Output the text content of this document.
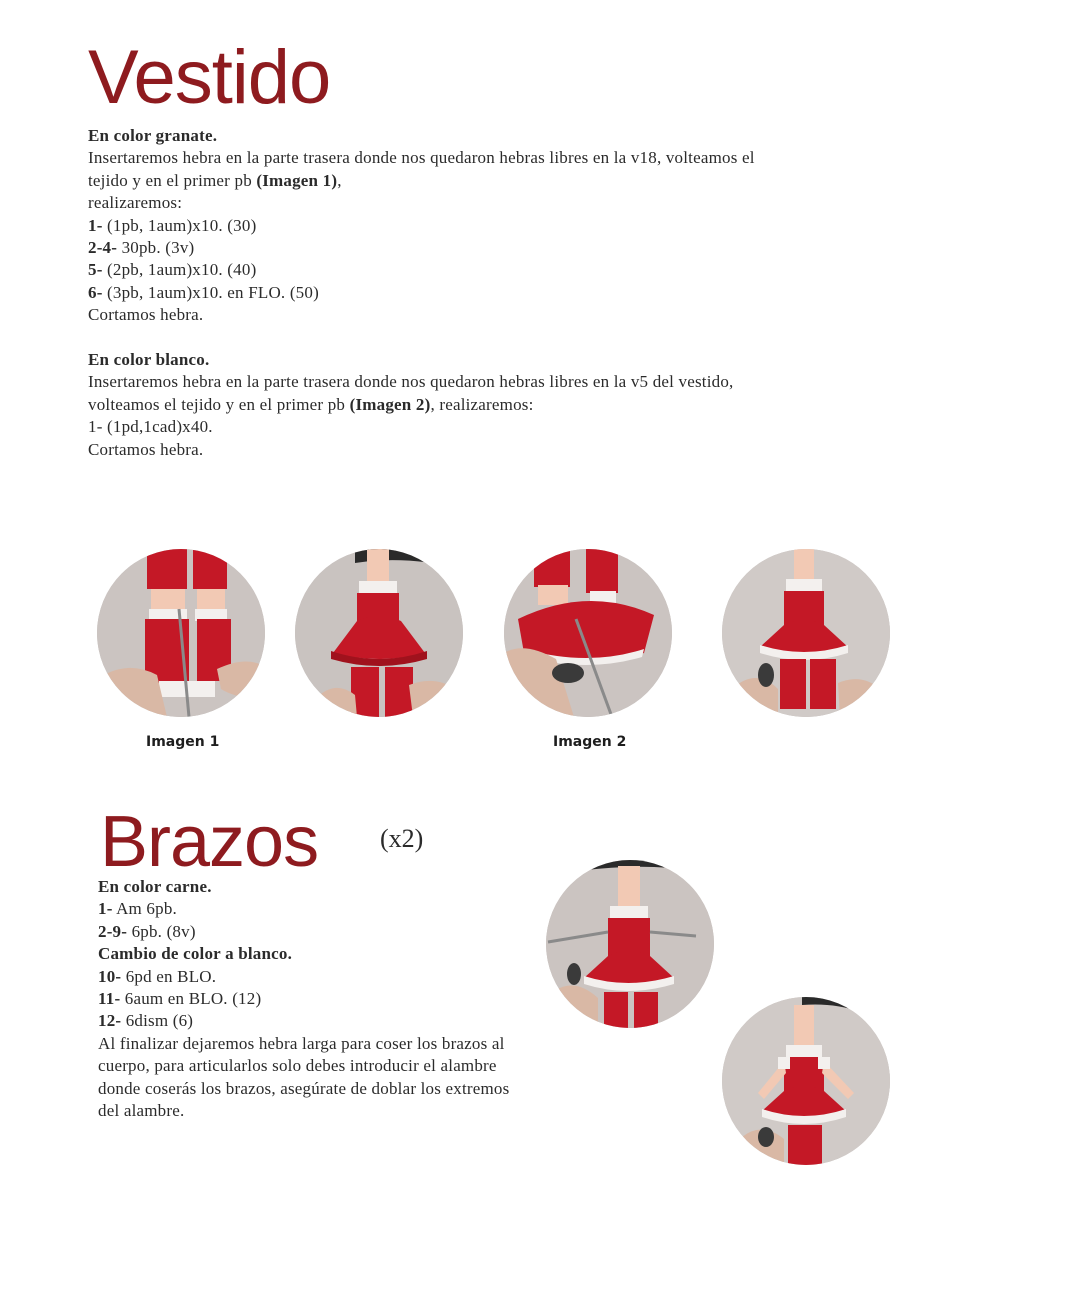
Vestido
En color granate.
Insertaremos hebra en la parte trasera donde nos quedaron hebras libres en la v18, volteamos el
tejido y en el primer pb (Imagen 1),
realizaremos:
1- (1pb, 1aum)x10. (30)
2-4- 30pb. (3v)
5- (2pb, 1aum)x10. (40)
6- (3pb, 1aum)x10. en FLO. (50)
Cortamos hebra.
En color blanco.
Insertaremos hebra en la parte trasera donde nos quedaron hebras libres en la v5 del vestido,
volteamos el tejido y en el primer pb (Imagen 2), realizaremos:
1- (1pd,1cad)x40.
Cortamos hebra.
Imagen 1	Imagen 2
Brazos (x2)
En color carne.
1- Am 6pb.
2-9- 6pb. (8v)
Cambio de color a blanco.
10- 6pd en BLO.
11- 6aum en BLO. (12)
12- 6dism (6)
Al finalizar dejaremos hebra larga para coser los brazos al
cuerpo, para articularlos solo debes introducir el alambre
donde coserás los brazos, asegúrate de doblar los extremos
del alambre.
